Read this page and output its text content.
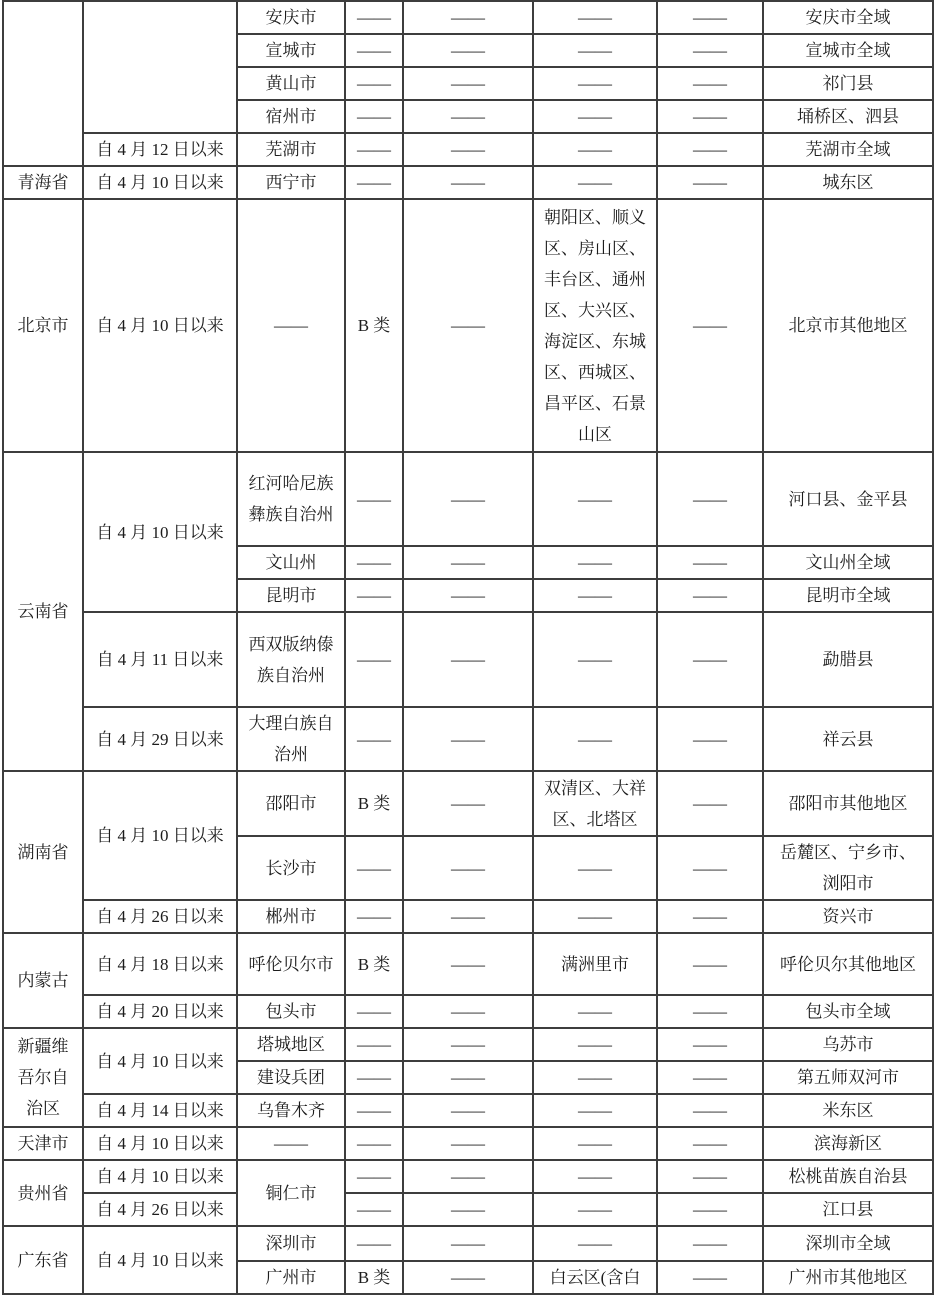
		安庆市	——	——	——	——	安庆市全域
		宣城市	——	——	——	——	宣城市全域
		黄山市	——	——	——	——	祁门县
		宿州市	——	——	——	——	埇桥区、泗县
	自 4 月 12 日以来	芜湖市	——	——	——	——	芜湖市全域
青海省	自 4 月 10 日以来	西宁市	——	——	——	——	城东区
北京市	自 4 月 10 日以来	——	B 类	——	朝阳区、顺义区、房山区、丰台区、通州区、大兴区、海淀区、东城区、西城区、昌平区、石景山区	——	北京市其他地区
云南省	自 4 月 10 日以来	红河哈尼族彝族自治州	——	——	——	——	河口县、金平县
		文山州	——	——	——	——	文山州全域
		昆明市	——	——	——	——	昆明市全域
	自 4 月 11 日以来	西双版纳傣族自治州	——	——	——	——	勐腊县
	自 4 月 29 日以来	大理白族自治州	——	——	——	——	祥云县
湖南省	自 4 月 10 日以来	邵阳市	B 类	——	双清区、大祥区、北塔区	——	邵阳市其他地区
		长沙市	——	——	——	——	岳麓区、宁乡市、浏阳市
	自 4 月 26 日以来	郴州市	——	——	——	——	资兴市
内蒙古	自 4 月 18 日以来	呼伦贝尔市	B 类	——	满洲里市	——	呼伦贝尔其他地区
	自 4 月 20 日以来	包头市	——	——	——	——	包头市全域
新疆维吾尔自治区	自 4 月 10 日以来	塔城地区	——	——	——	——	乌苏市
		建设兵团	——	——	——	——	第五师双河市
	自 4 月 14 日以来	乌鲁木齐	——	——	——	——	米东区
天津市	自 4 月 10 日以来	——	——	——	——	——	滨海新区
贵州省	自 4 月 10 日以来	铜仁市	——	——	——	——	松桃苗族自治县
	自 4 月 26 日以来		——	——	——	——	江口县
广东省	自 4 月 10 日以来	深圳市	——	——	——	——	深圳市全域
		广州市	B 类	——	白云区(含白	——	广州市其他地区
